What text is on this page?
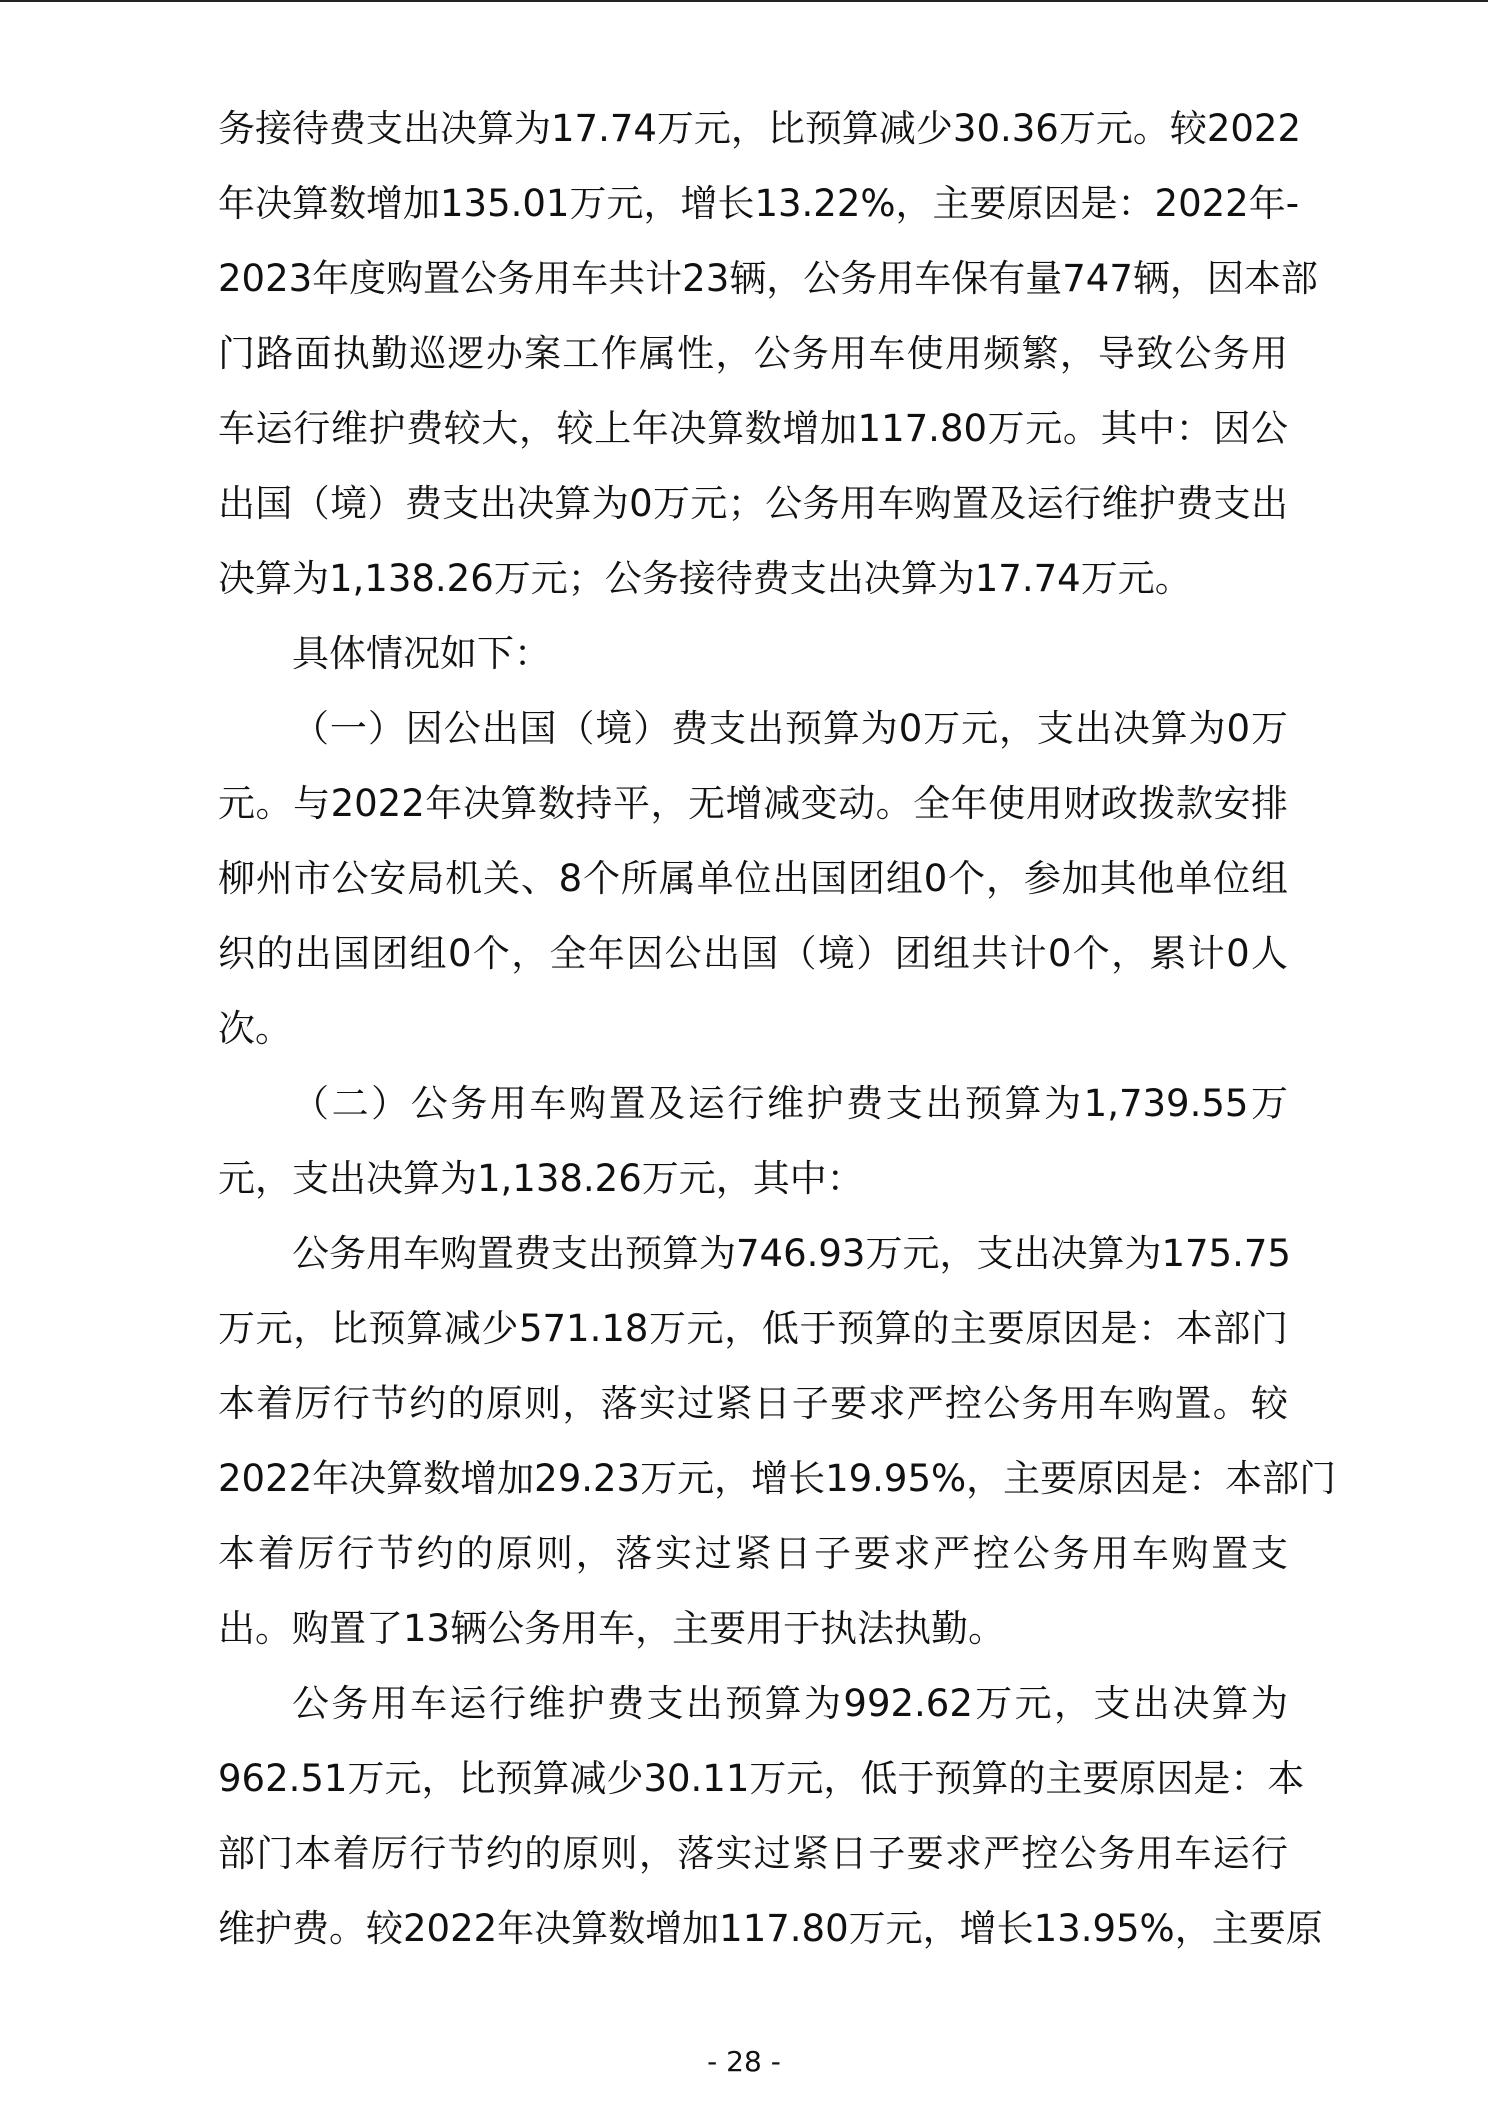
务接待费支出决算为17.74万元，比预算减少30.36万元。较2022
年决算数增加135.01万元，增长13.22%，主要原因是：2022年-
2023年度购置公务用车共计23辆，公务用车保有量747辆，因本部
门路面执勤巡逻办案工作属性，公务用车使用频繁，导致公务用
车运行维护费较大，较上年决算数增加117.80万元。其中：因公
出国（境）费支出决算为0万元；公务用车购置及运行维护费支出
决算为1,138.26万元；公务接待费支出决算为17.74万元。
具体情况如下：
（一）因公出国（境）费支出预算为0万元，支出决算为0万
元。与2022年决算数持平，无增减变动。全年使用财政拨款安排
柳州市公安局机关、8个所属单位出国团组0个，参加其他单位组
织的出国团组0个，全年因公出国（境）团组共计0个，累计0人
次。
（二）公务用车购置及运行维护费支出预算为1,739.55万
元，支出决算为1,138.26万元，其中：
公务用车购置费支出预算为746.93万元，支出决算为175.75
万元，比预算减少571.18万元，低于预算的主要原因是：本部门
本着厉行节约的原则，落实过紧日子要求严控公务用车购置。较
2022年决算数增加29.23万元，增长19.95%，主要原因是：本部门
本着厉行节约的原则，落实过紧日子要求严控公务用车购置支
出。购置了13辆公务用车，主要用于执法执勤。
公务用车运行维护费支出预算为992.62万元，支出决算为
962.51万元，比预算减少30.11万元，低于预算的主要原因是：本
部门本着厉行节约的原则，落实过紧日子要求严控公务用车运行
维护费。较2022年决算数增加117.80万元，增长13.95%，主要原
- 28 -
